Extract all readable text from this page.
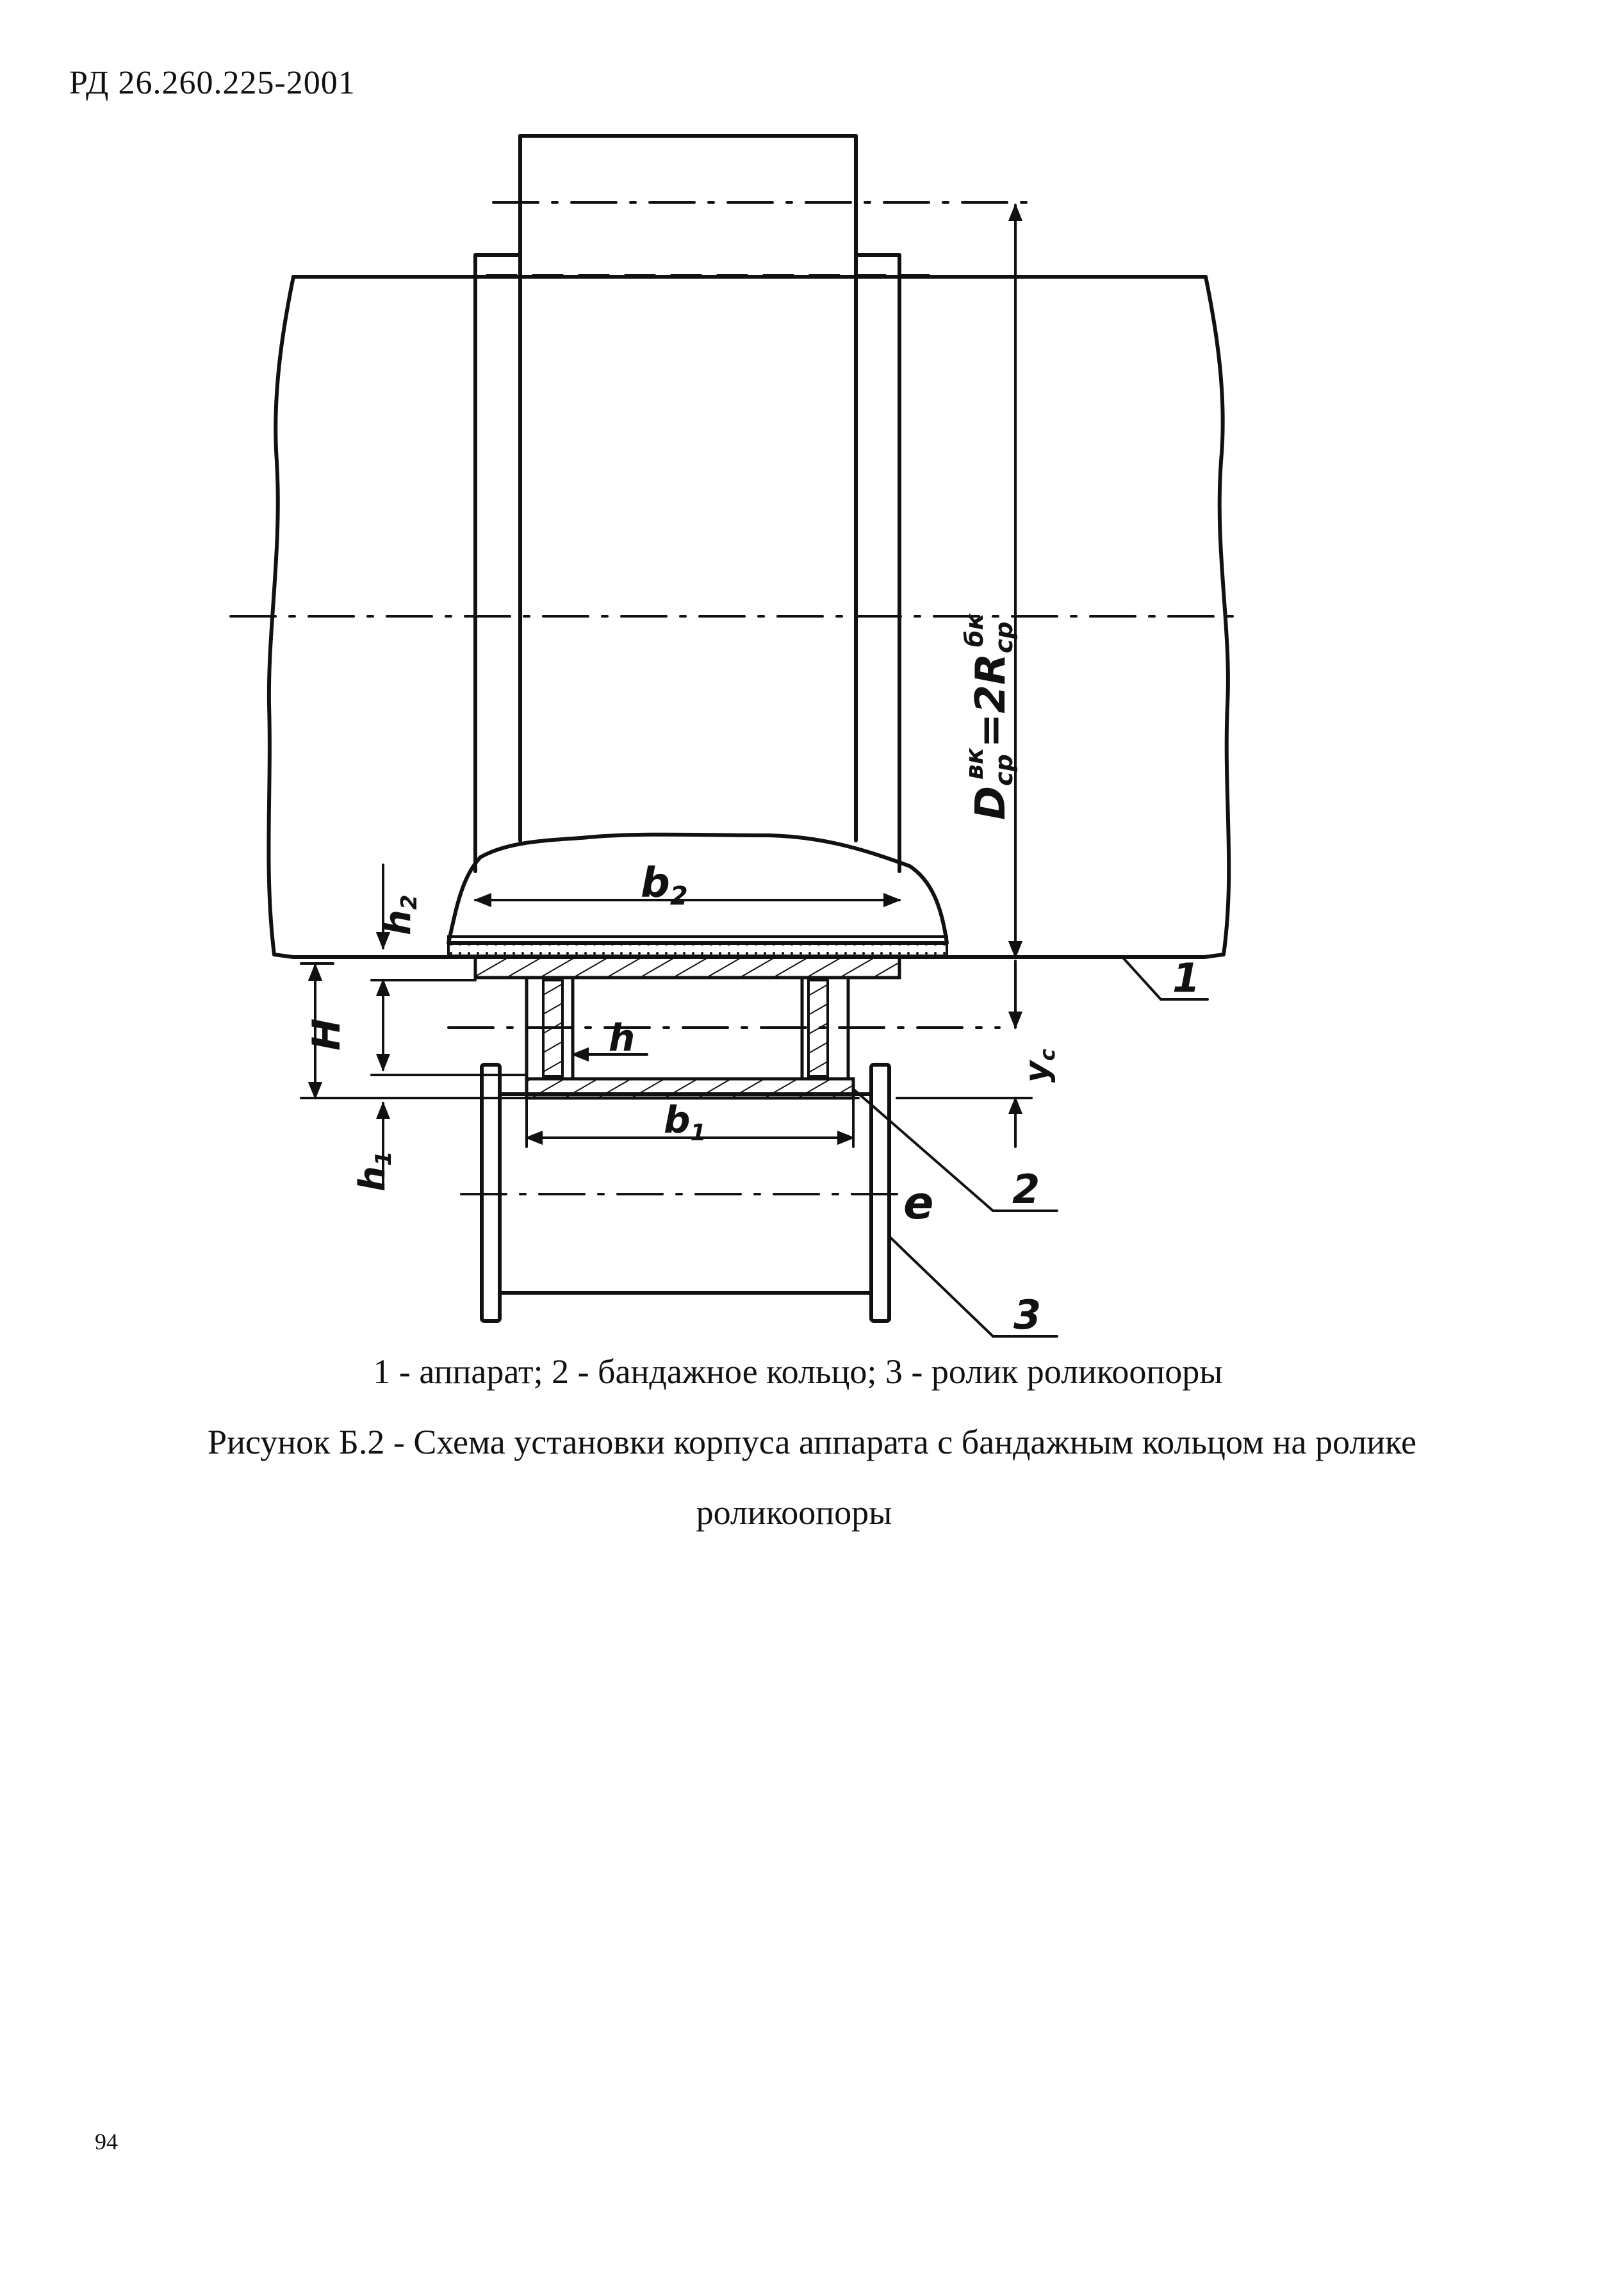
РД 26.260.225-2001
b2
$b_1$
h
H
h2
h1
Dcpвк=2Rcpбк
yc
e
1
2
3
1 - аппарат; 2 - бандажное кольцо; 3 - ролик роликоопоры
Рисунок Б.2 - Схема установки корпуса аппарата с бандажным кольцом на ролике
роликоопоры
94
